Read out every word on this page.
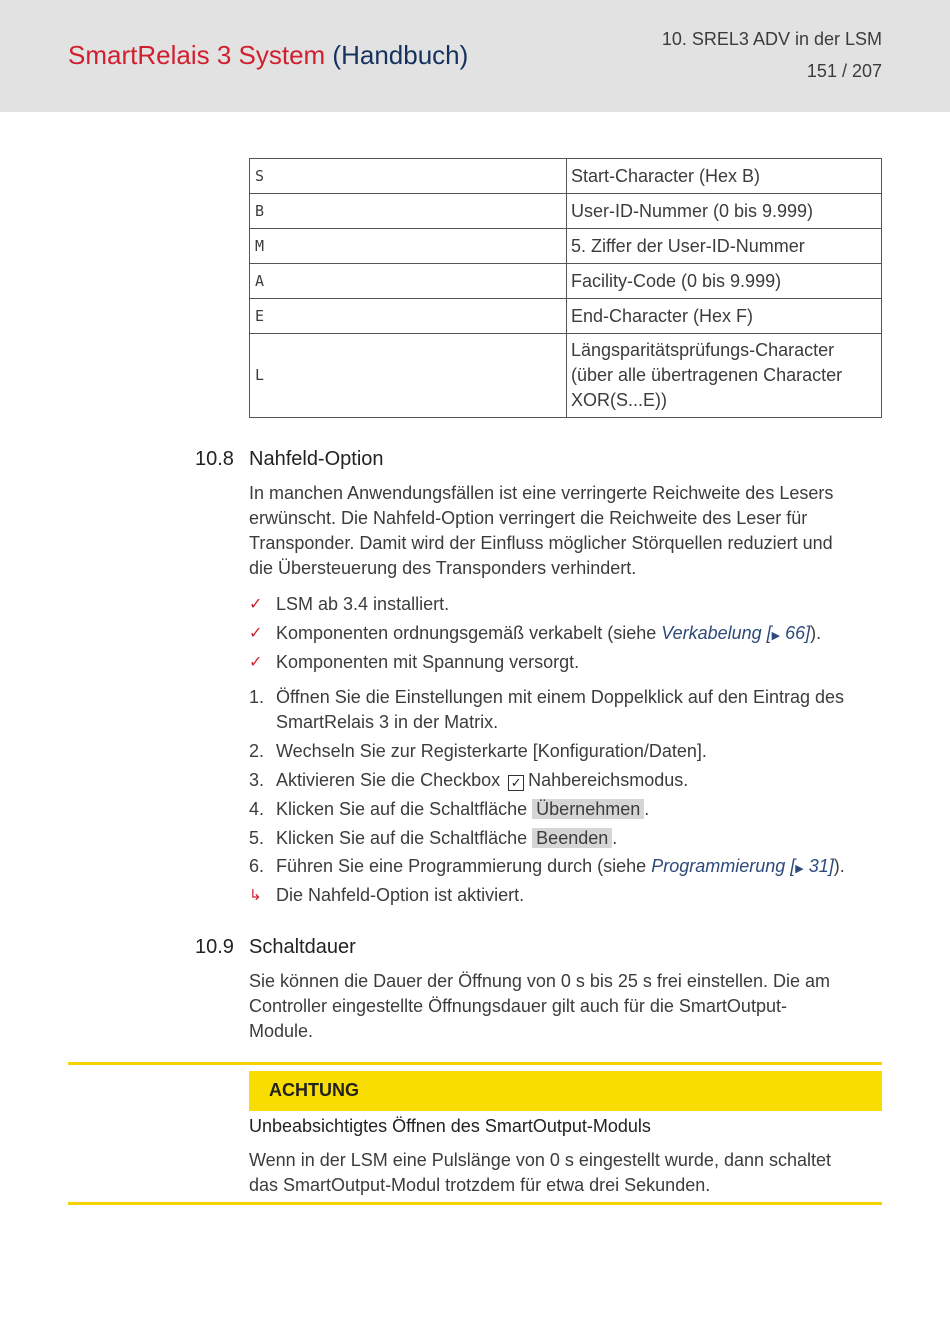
SmartRelais 3 System (Handbuch)
10. SREL3 ADV in der LSM
151 / 207
S	Start-Character (Hex B)
B	User-ID-Nummer (0 bis 9.999)
M	5. Ziffer der User-ID-Nummer
A	Facility-Code (0 bis 9.999)
E	End-Character (Hex F)
L	Längsparitätsprüfungs-Character
(über alle übertragenen Character
XOR(S...E))
10.8 Nahfeld-Option
In manchen Anwendungsfällen ist eine verringerte Reichweite des Lesers
erwünscht. Die Nahfeld-Option verringert die Reichweite des Leser für
Transponder. Damit wird der Einfluss möglicher Störquellen reduziert und
die Übersteuerung des Transponders verhindert.
✓ LSM ab 3.4 installiert.
✓ Komponenten ordnungsgemäß verkabelt (siehe Verkabelung [▶ 66]).
✓ Komponenten mit Spannung versorgt.
1. Öffnen Sie die Einstellungen mit einem Doppelklick auf den Eintrag des
SmartRelais 3 in der Matrix.
2. Wechseln Sie zur Registerkarte [Konfiguration/Daten].
3. Aktivieren Sie die Checkbox ✓ Nahbereichsmodus.
4. Klicken Sie auf die Schaltfläche Übernehmen .
5. Klicken Sie auf die Schaltfläche Beenden .
6. Führen Sie eine Programmierung durch (siehe Programmierung [▶ 31]).
↳ Die Nahfeld-Option ist aktiviert.
10.9 Schaltdauer
Sie können die Dauer der Öffnung von 0 s bis 25 s frei einstellen. Die am
Controller eingestellte Öffnungsdauer gilt auch für die SmartOutput-
Module.
ACHTUNG
Unbeabsichtigtes Öffnen des SmartOutput-Moduls
Wenn in der LSM eine Pulslänge von 0 s eingestellt wurde, dann schaltet
das SmartOutput-Modul trotzdem für etwa drei Sekunden.
